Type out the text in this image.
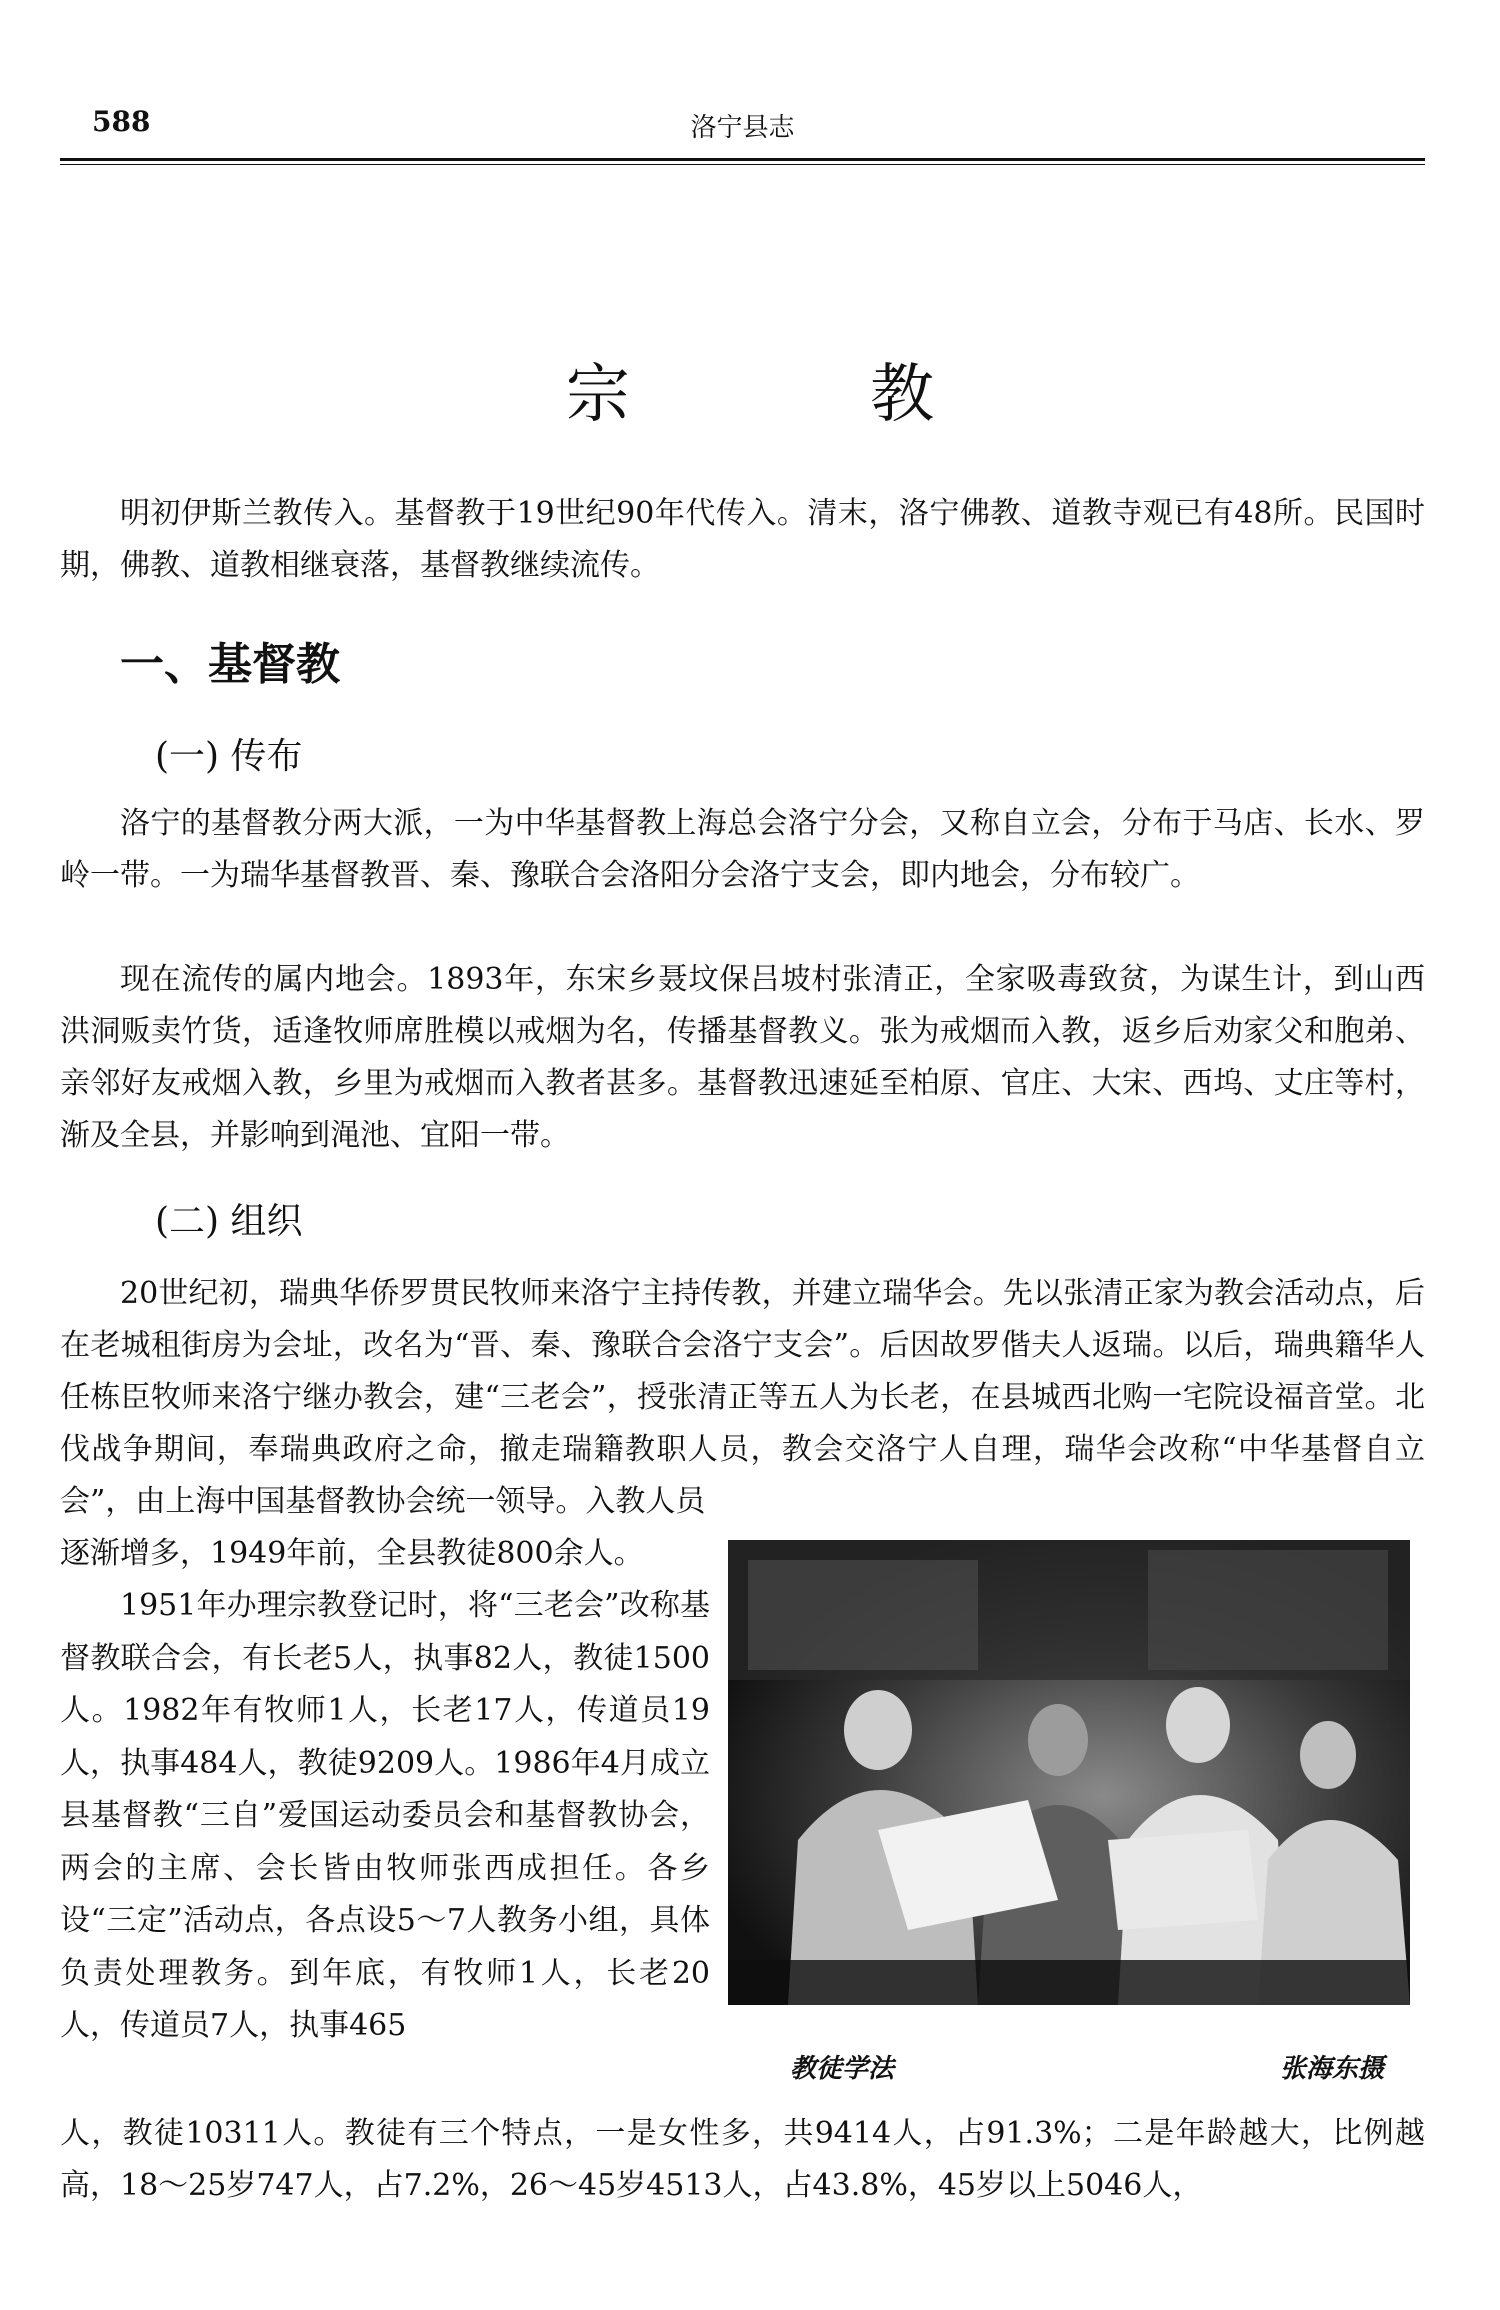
588	洛宁县志
宗 教

明初伊斯兰教传入。基督教于19世纪90年代传入。清末，洛宁佛教、道教寺观已有48所。民国时期，佛教、道教相继衰落，基督教继续流传。

一、基督教
(一) 传布

洛宁的基督教分两大派，一为中华基督教上海总会洛宁分会，又称自立会，分布于马店、长水、罗岭一带。一为瑞华基督教晋、秦、豫联合会洛阳分会洛宁支会，即内地会，分布较广。

现在流传的属内地会。1893年，东宋乡聂坟保吕坡村张清正，全家吸毒致贫，为谋生计，到山西洪洞贩卖竹货，适逢牧师席胜模以戒烟为名，传播基督教义。张为戒烟而入教，返乡后劝家父和胞弟、亲邻好友戒烟入教，乡里为戒烟而入教者甚多。基督教迅速延至柏原、官庄、大宋、西坞、丈庄等村，渐及全县，并影响到渑池、宜阳一带。

(二) 组织

20世纪初，瑞典华侨罗贯民牧师来洛宁主持传教，并建立瑞华会。先以张清正家为教会活动点，后在老城租街房为会址，改名为“晋、秦、豫联合会洛宁支会”。后因故罗偕夫人返瑞。以后，瑞典籍华人任栋臣牧师来洛宁继办教会，建“三老会”，授张清正等五人为长老，在县城西北购一宅院设福音堂。北伐战争期间，奉瑞典政府之命，撤走瑞籍教职人员，教会交洛宁人自理，瑞华会改称“中华基督自立会”，由上海中国基督教协会统一领导。入教人员

逐渐增多，1949年前，全县教徒800余人。

1951年办理宗教登记时，将“三老会”改称基督教联合会，有长老5人，执事82人，教徒1500人。1982年有牧师1人，长老17人，传道员19人，执事484人，教徒9209人。1986年4月成立县基督教“三自”爱国运动委员会和基督教协会，两会的主席、会长皆由牧师张西成担任。各乡设“三定”活动点，各点设5～7人教务小组，具体负责处理教务。到年底，有牧师1人，长老20人，传道员7人，执事465

教徒学法	张海东摄

人，教徒10311人。教徒有三个特点，一是女性多，共9414人，占91.3%；二是年龄越大，比例越高，18～25岁747人，占7.2%，26～45岁4513人，占43.8%，45岁以上5046人，
